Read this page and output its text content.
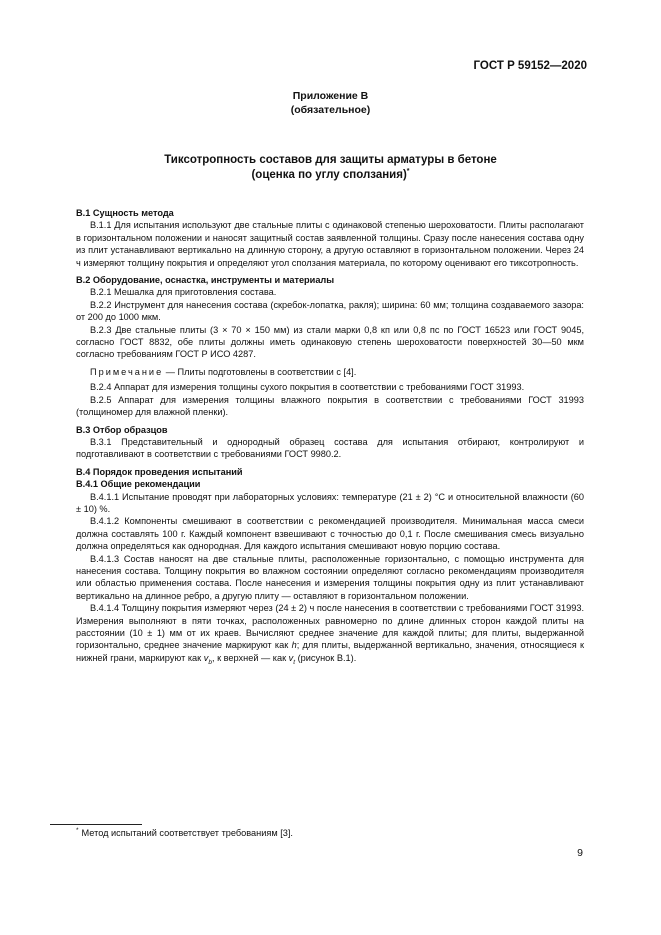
ГОСТ Р 59152—2020
Приложение В
(обязательное)
Тиксотропность составов для защиты арматуры в бетоне
(оценка по углу сползания)*
В.1 Сущность метода

В.1.1 Для испытания используют две стальные плиты с одинаковой степенью шероховатости. Плиты располагают в горизонтальном положении и наносят защитный состав заявленной толщины. Сразу после нанесения состава одну из плит устанавливают вертикально на длинную сторону, а другую оставляют в горизонтальном положении. Через 24 ч измеряют толщину покрытия и определяют угол сползания материала, по которому оценивают его тиксотропность.

В.2 Оборудование, оснастка, инструменты и материалы

В.2.1 Мешалка для приготовления состава.

В.2.2 Инструмент для нанесения состава (скребок-лопатка, ракля); ширина: 60 мм; толщина создаваемого зазора: от 200 до 1000 мкм.

В.2.3 Две стальные плиты (3 × 70 × 150 мм) из стали марки 0,8 кп или 0,8 пс по ГОСТ 16523 или ГОСТ 9045, согласно ГОСТ 8832, обе плиты должны иметь одинаковую степень шероховатости поверхностей 30—50 мкм согласно требованиям ГОСТ Р ИСО 4287.

Примечание — Плиты подготовлены в соответствии с [4].

В.2.4 Аппарат для измерения толщины сухого покрытия в соответствии с требованиями ГОСТ 31993.

В.2.5 Аппарат для измерения толщины влажного покрытия в соответствии с требованиями ГОСТ 31993 (толщиномер для влажной пленки).

В.3 Отбор образцов

В.3.1 Представительный и однородный образец состава для испытания отбирают, контролируют и подготавливают в соответствии с требованиями ГОСТ 9980.2.

В.4 Порядок проведения испытаний
В.4.1 Общие рекомендации

В.4.1.1 Испытание проводят при лабораторных условиях: температуре (21 ± 2) °С и относительной влажности (60 ± 10) %.

В.4.1.2 Компоненты смешивают в соответствии с рекомендацией производителя. Минимальная масса смеси должна составлять 100 г. Каждый компонент взвешивают с точностью до 0,1 г. После смешивания смесь визуально должна определяться как однородная. Для каждого испытания смешивают новую порцию состава.

В.4.1.3 Состав наносят на две стальные плиты, расположенные горизонтально, с помощью инструмента для нанесения состава. Толщину покрытия во влажном состоянии определяют согласно рекомендациям производителя или областью применения состава. После нанесения и измерения толщины покрытия одну из плит устанавливают вертикально на длинное ребро, а другую плиту — оставляют в горизонтальном положении.

В.4.1.4 Толщину покрытия измеряют через (24 ± 2) ч после нанесения в соответствии с требованиями ГОСТ 31993. Измерения выполняют в пяти точках, расположенных равномерно по длине длинных сторон каждой плиты на расстоянии (10 ± 1) мм от их краев. Вычисляют среднее значение для каждой плиты; для плиты, выдержанной горизонтально, среднее значение маркируют как h; для плиты, выдержанной вертикально, значения, относящиеся к нижней грани, маркируют как $v_b$, к верхней — как $v_t$ (рисунок В.1).

* Метод испытаний соответствует требованиям [3].
9
